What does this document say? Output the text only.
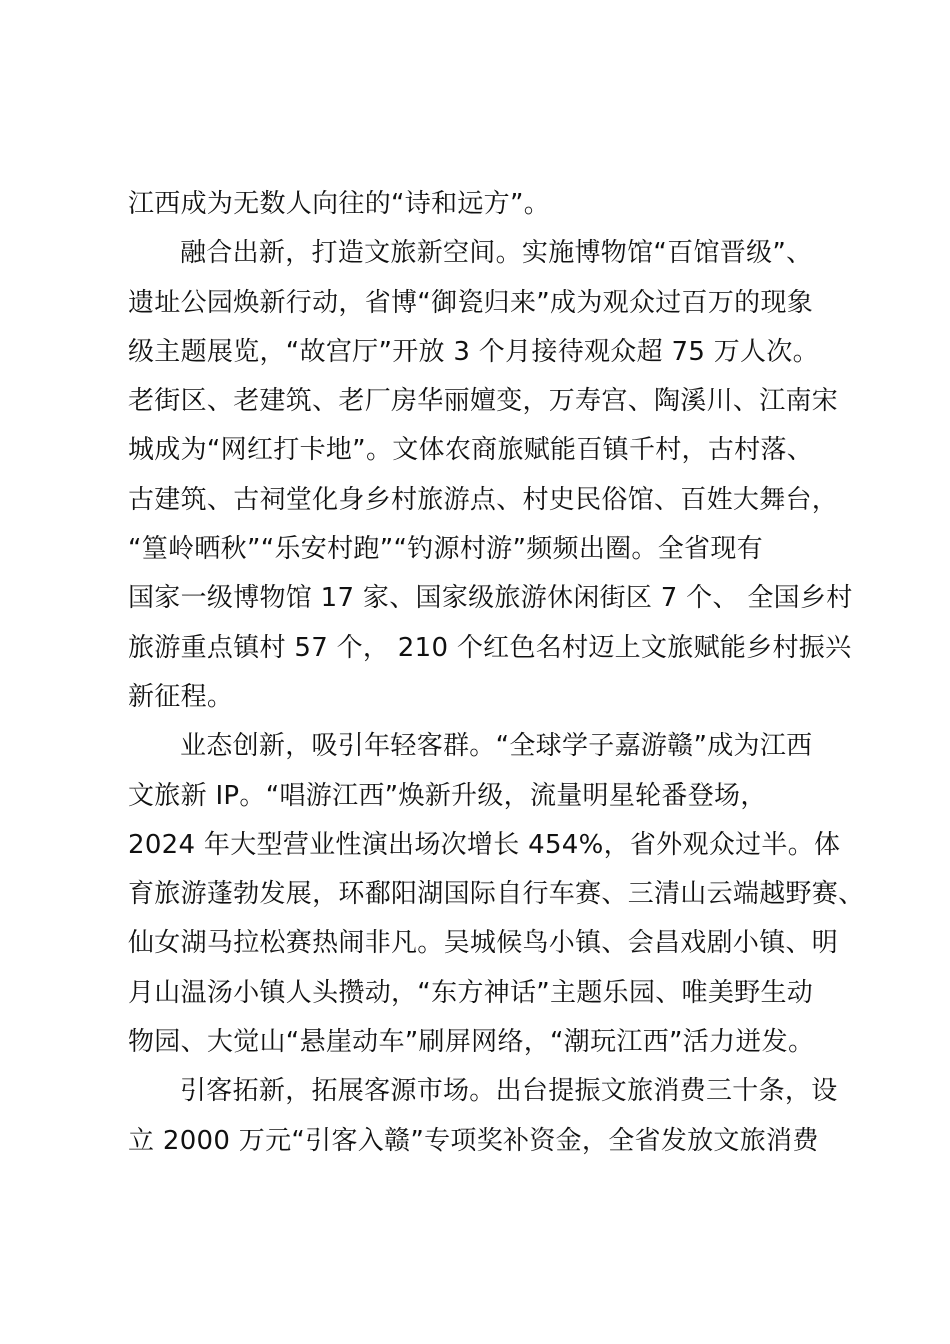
江西成为无数人向往的“诗和远方”。

融合出新，打造文旅新空间。实施博物馆“百馆晋级”、
遗址公园焕新行动，省博“御瓷归来”成为观众过百万的现象
级主题展览，“故宫厅”开放 3 个月接待观众超 75 万人次。
老街区、老建筑、老厂房华丽嬗变，万寿宫、陶溪川、江南宋
城成为“网红打卡地”。文体农商旅赋能百镇千村，古村落、
古建筑、古祠堂化身乡村旅游点、村史民俗馆、百姓大舞台，
“篁岭晒秋”“乐安村跑”“钓源村游”频频出圈。全省现有
国家一级博物馆 17 家、国家级旅游休闲街区 7 个、 全国乡村
旅游重点镇村 57 个， 210 个红色名村迈上文旅赋能乡村振兴
新征程。

业态创新，吸引年轻客群。“全球学子嘉游赣”成为江西
文旅新 IP。“唱游江西”焕新升级，流量明星轮番登场，
2024 年大型营业性演出场次增长 454%，省外观众过半。体
育旅游蓬勃发展，环鄱阳湖国际自行车赛、三清山云端越野赛、
仙女湖马拉松赛热闹非凡。吴城候鸟小镇、会昌戏剧小镇、明
月山温汤小镇人头攒动，“东方神话”主题乐园、唯美野生动
物园、大觉山“悬崖动车”刷屏网络，“潮玩江西”活力迸发。

引客拓新，拓展客源市场。出台提振文旅消费三十条，设
立 2000 万元“引客入赣”专项奖补资金，全省发放文旅消费
